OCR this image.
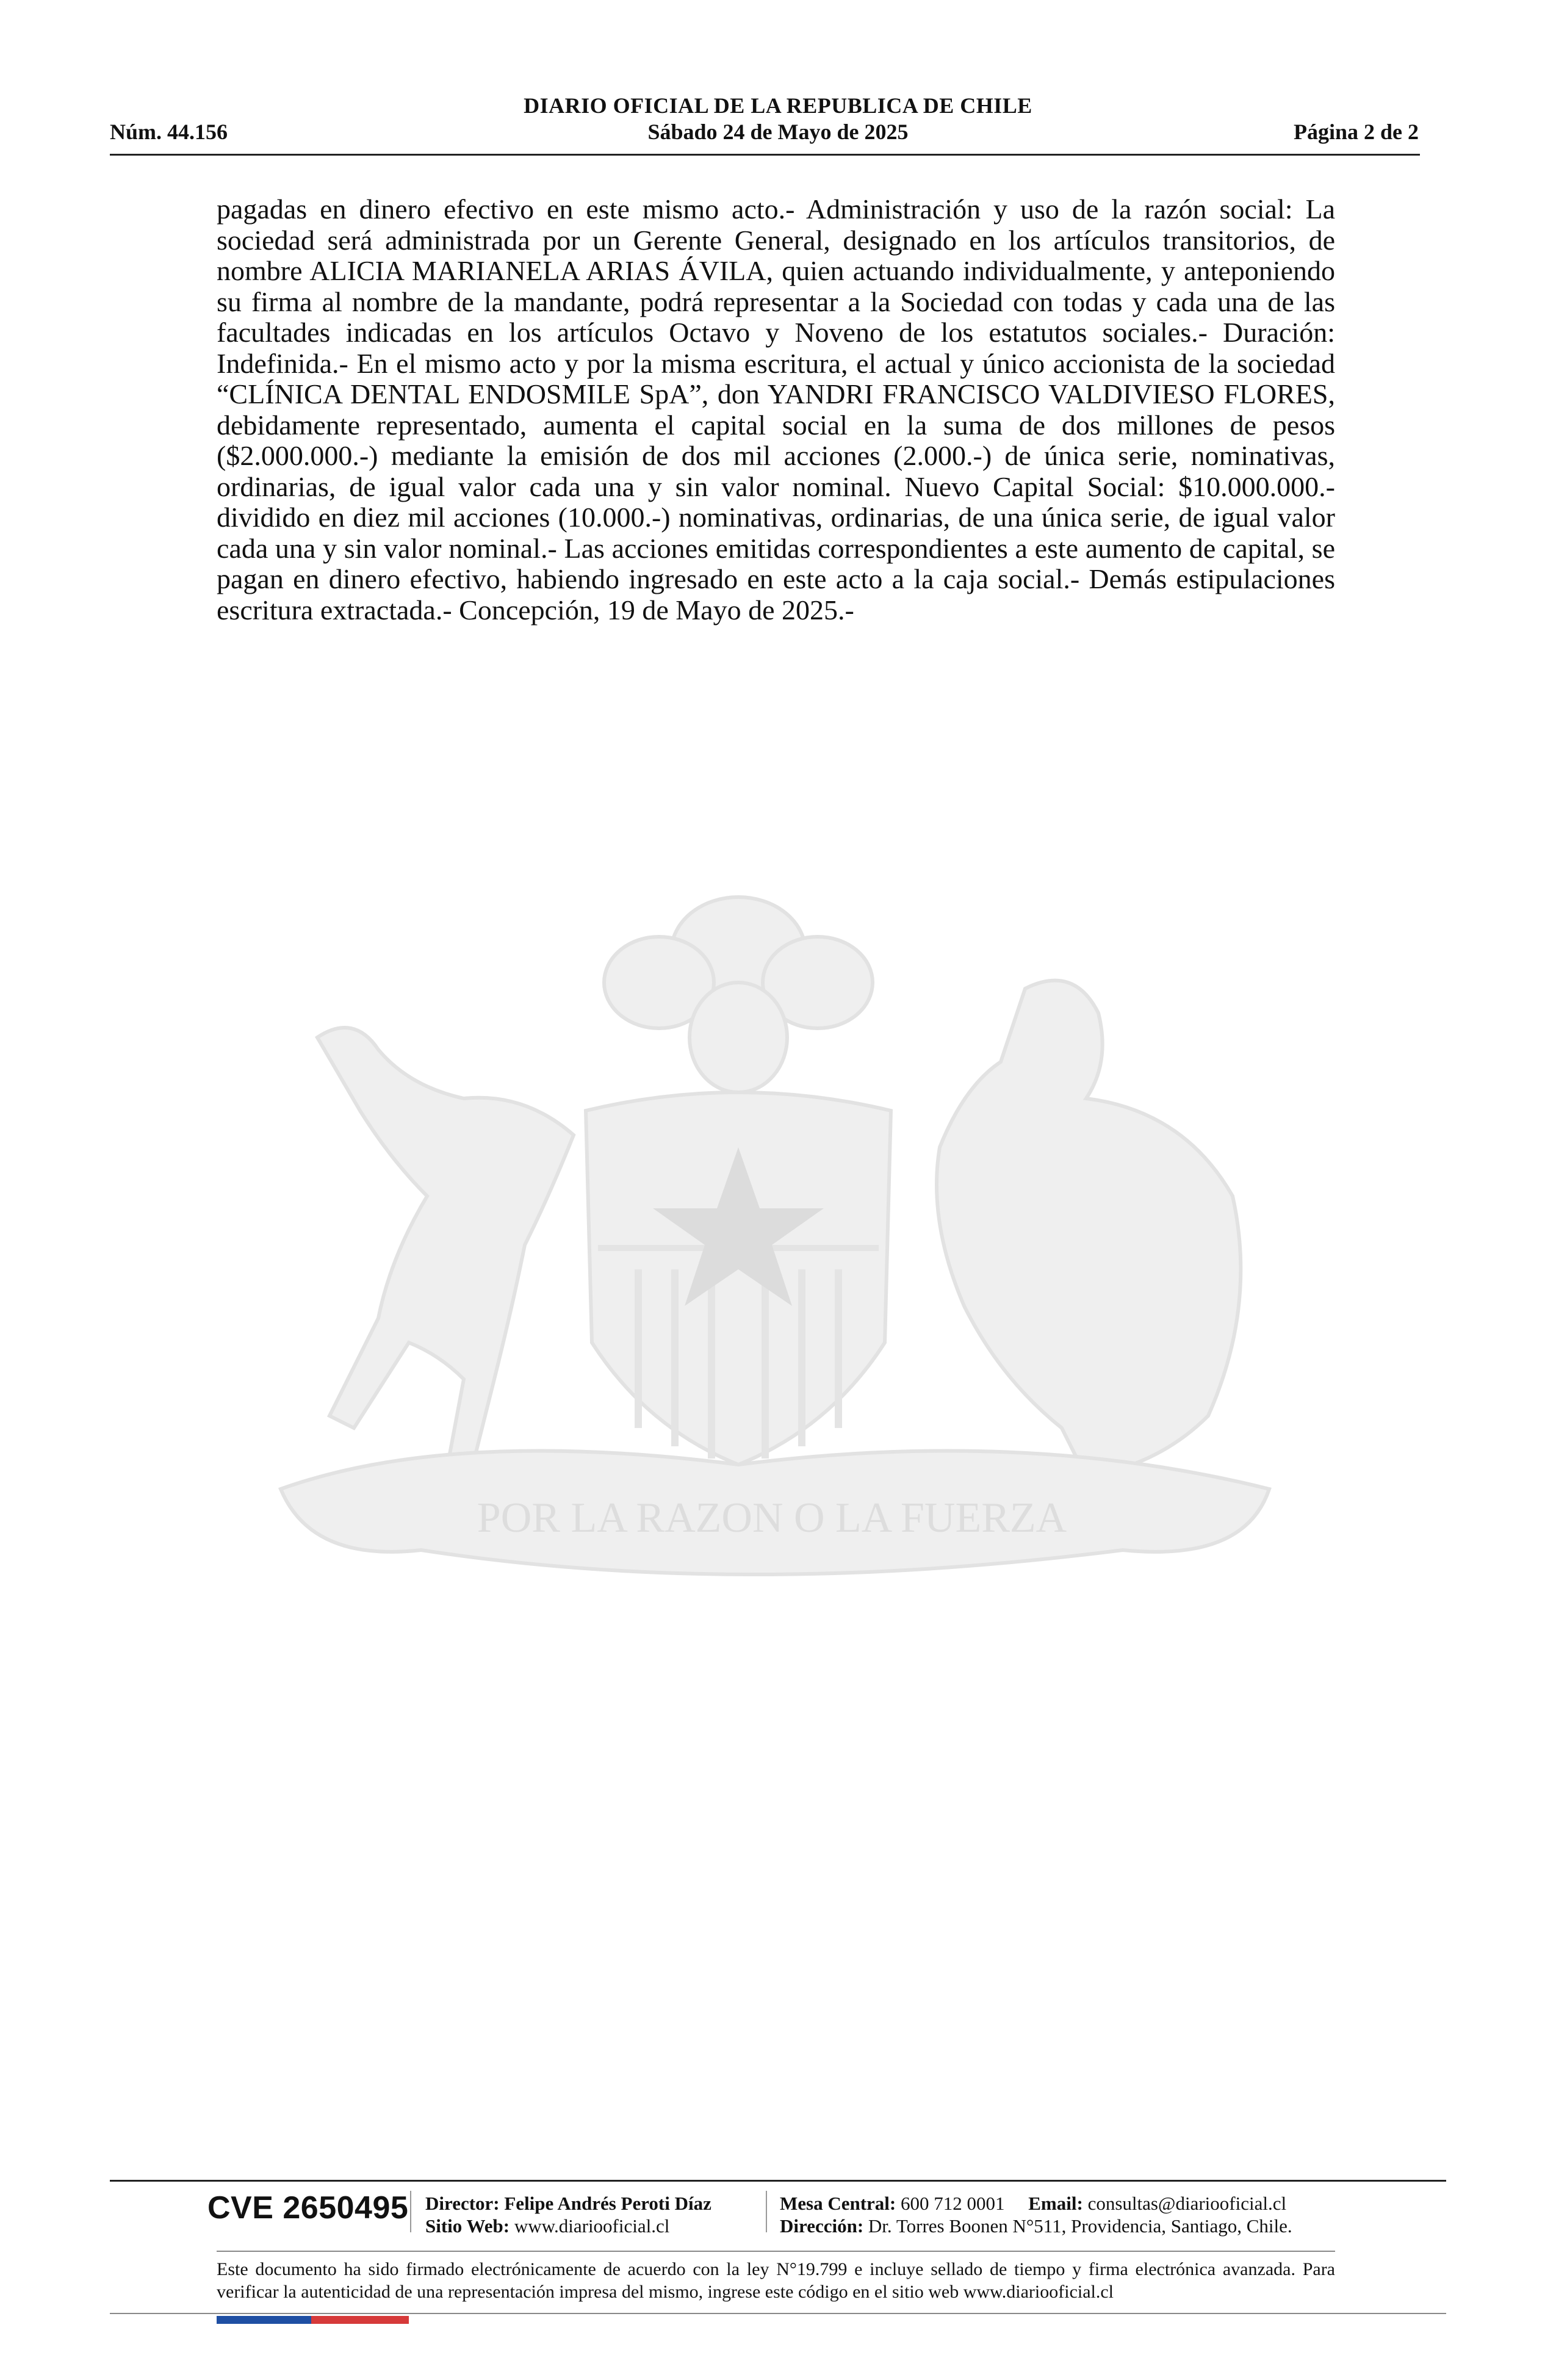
DIARIO OFICIAL DE LA REPUBLICA DE CHILE
Núm. 44.156	Sábado 24 de Mayo de 2025	Página 2 de 2
POR LA RAZON O LA FUERZA

pagadas en dinero efectivo en este mismo acto.- Administración y uso de la razón social: La sociedad será administrada por un Gerente General, designado en los artículos transitorios, de nombre ALICIA MARIANELA ARIAS ÁVILA, quien actuando individualmente, y anteponiendo su firma al nombre de la mandante, podrá representar a la Sociedad con todas y cada una de las facultades indicadas en los artículos Octavo y Noveno de los estatutos sociales.- Duración: Indefinida.- En el mismo acto y por la misma escritura, el actual y único accionista de la sociedad “CLÍNICA DENTAL ENDOSMILE SpA”, don YANDRI FRANCISCO VALDIVIESO FLORES, debidamente representado, aumenta el capital social en la suma de dos millones de pesos ($2.000.000.-) mediante la emisión de dos mil acciones (2.000.-) de única serie, nominativas, ordinarias, de igual valor cada una y sin valor nominal. Nuevo Capital Social: $10.000.000.- dividido en diez mil acciones (10.000.-) nominativas, ordinarias, de una única serie, de igual valor cada una y sin valor nominal.- Las acciones emitidas correspondientes a este aumento de capital, se pagan en dinero efectivo, habiendo ingresado en este acto a la caja social.- Demás estipulaciones escritura extractada.- Concepción, 19 de Mayo de 2025.-

CVE 2650495 Director: Felipe Andrés Peroti Díaz
Sitio Web: www.diariooficial.cl
Mesa Central: 600 712 0001 Email: consultas@diariooficial.cl
Dirección: Dr. Torres Boonen N°511, Providencia, Santiago, Chile.

Este documento ha sido firmado electrónicamente de acuerdo con la ley N°19.799 e incluye sellado de tiempo y firma electrónica avanzada. Para verificar la autenticidad de una representación impresa del mismo, ingrese este código en el sitio web www.diariooficial.cl
